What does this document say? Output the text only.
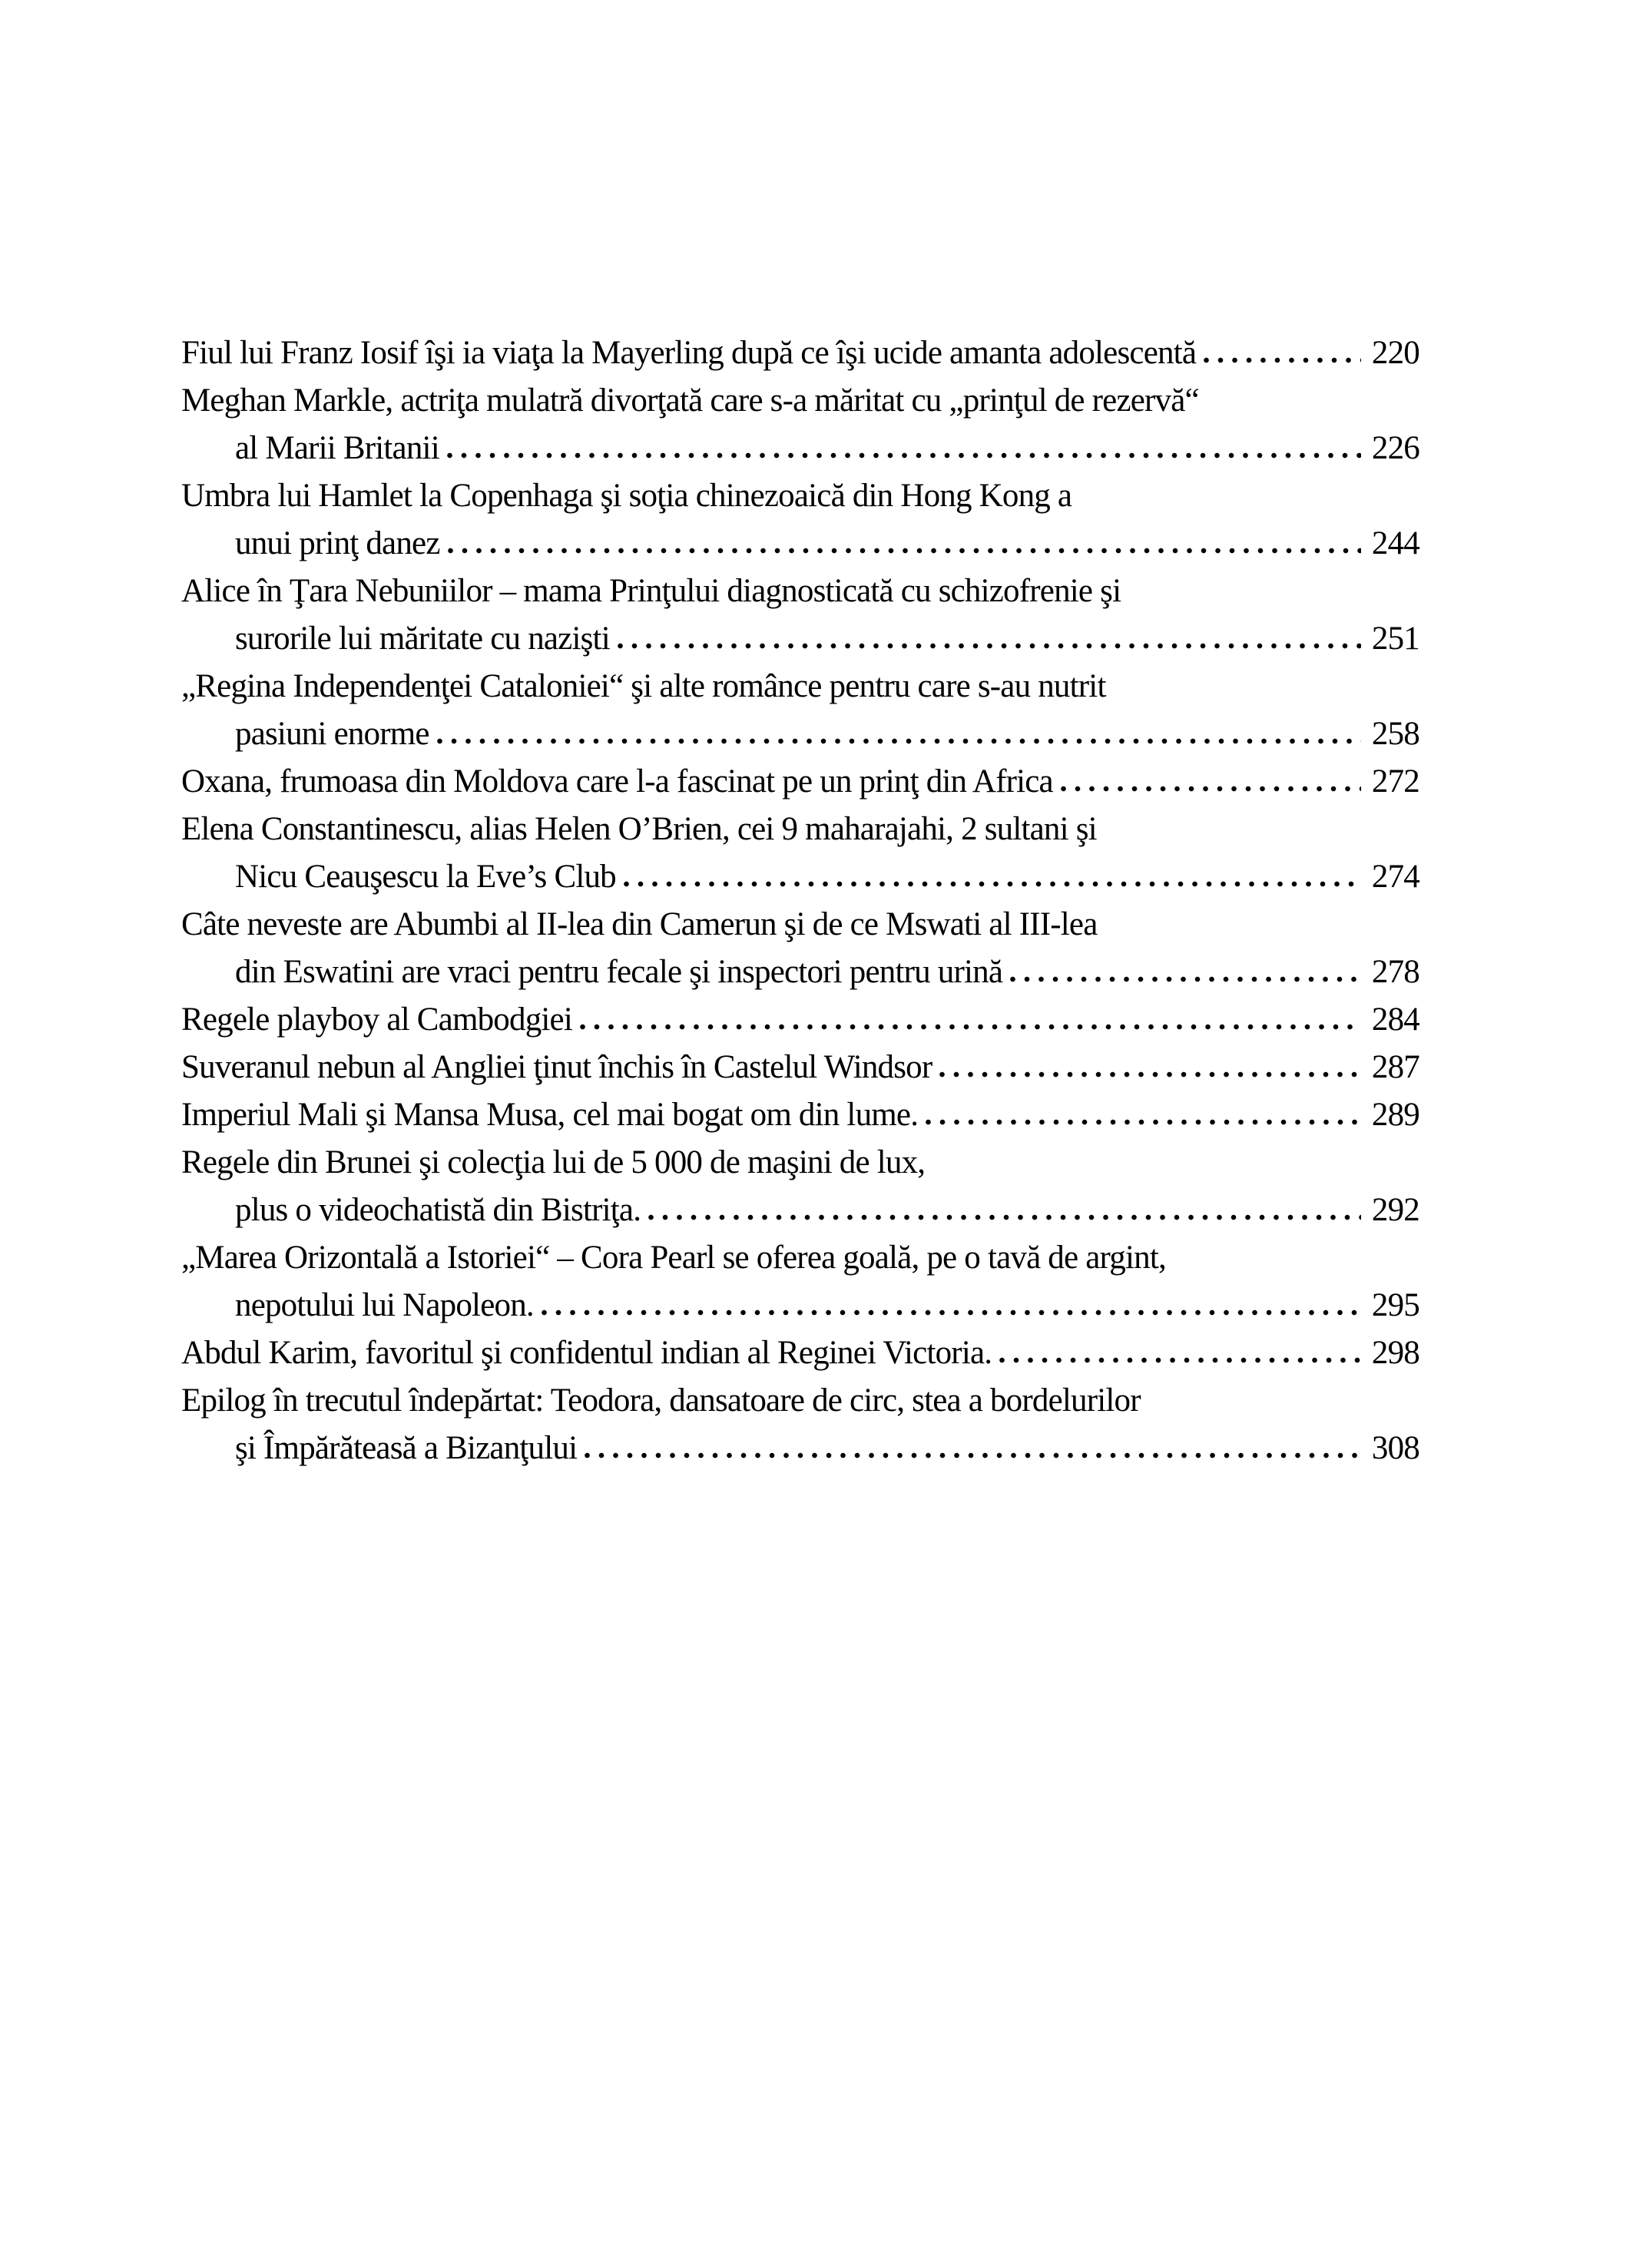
Fiul lui Franz Iosif îşi ia viaţa la Mayerling după ce îşi ucide amanta adolescentă	220
Meghan Markle, actriţa mulatră divorţată care s-a măritat cu „prinţul de rezervă“
al Marii Britanii	226
Umbra lui Hamlet la Copenhaga şi soţia chinezoaică din Hong Kong a
unui prinţ danez	244
Alice în Ţara Nebuniilor – mama Prinţului diagnosticată cu schizofrenie şi
surorile lui măritate cu nazişti	251
„Regina Independenţei Cataloniei“ şi alte românce pentru care s-au nutrit
pasiuni enorme	258
Oxana, frumoasa din Moldova care l-a fascinat pe un prinţ din Africa	272
Elena Constantinescu, alias Helen O’Brien, cei 9 maharajahi, 2 sultani şi
Nicu Ceauşescu la Eve’s Club	274
Câte neveste are Abumbi al II-lea din Camerun şi de ce Mswati al III-lea
din Eswatini are vraci pentru fecale şi inspectori pentru urină	278
Regele playboy al Cambodgiei	284
Suveranul nebun al Angliei ţinut închis în Castelul Windsor	287
Imperiul Mali şi Mansa Musa, cel mai bogat om din lume.	289
Regele din Brunei şi colecţia lui de 5 000 de maşini de lux,
plus o videochatistă din Bistriţa.	292
„Marea Orizontală a Istoriei“ – Cora Pearl se oferea goală, pe o tavă de argint,
nepotului lui Napoleon.	295
Abdul Karim, favoritul şi confidentul indian al Reginei Victoria.	298
Epilog în trecutul îndepărtat: Teodora, dansatoare de circ, stea a bordelurilor
şi Împărăteasă a Bizanţului	308
